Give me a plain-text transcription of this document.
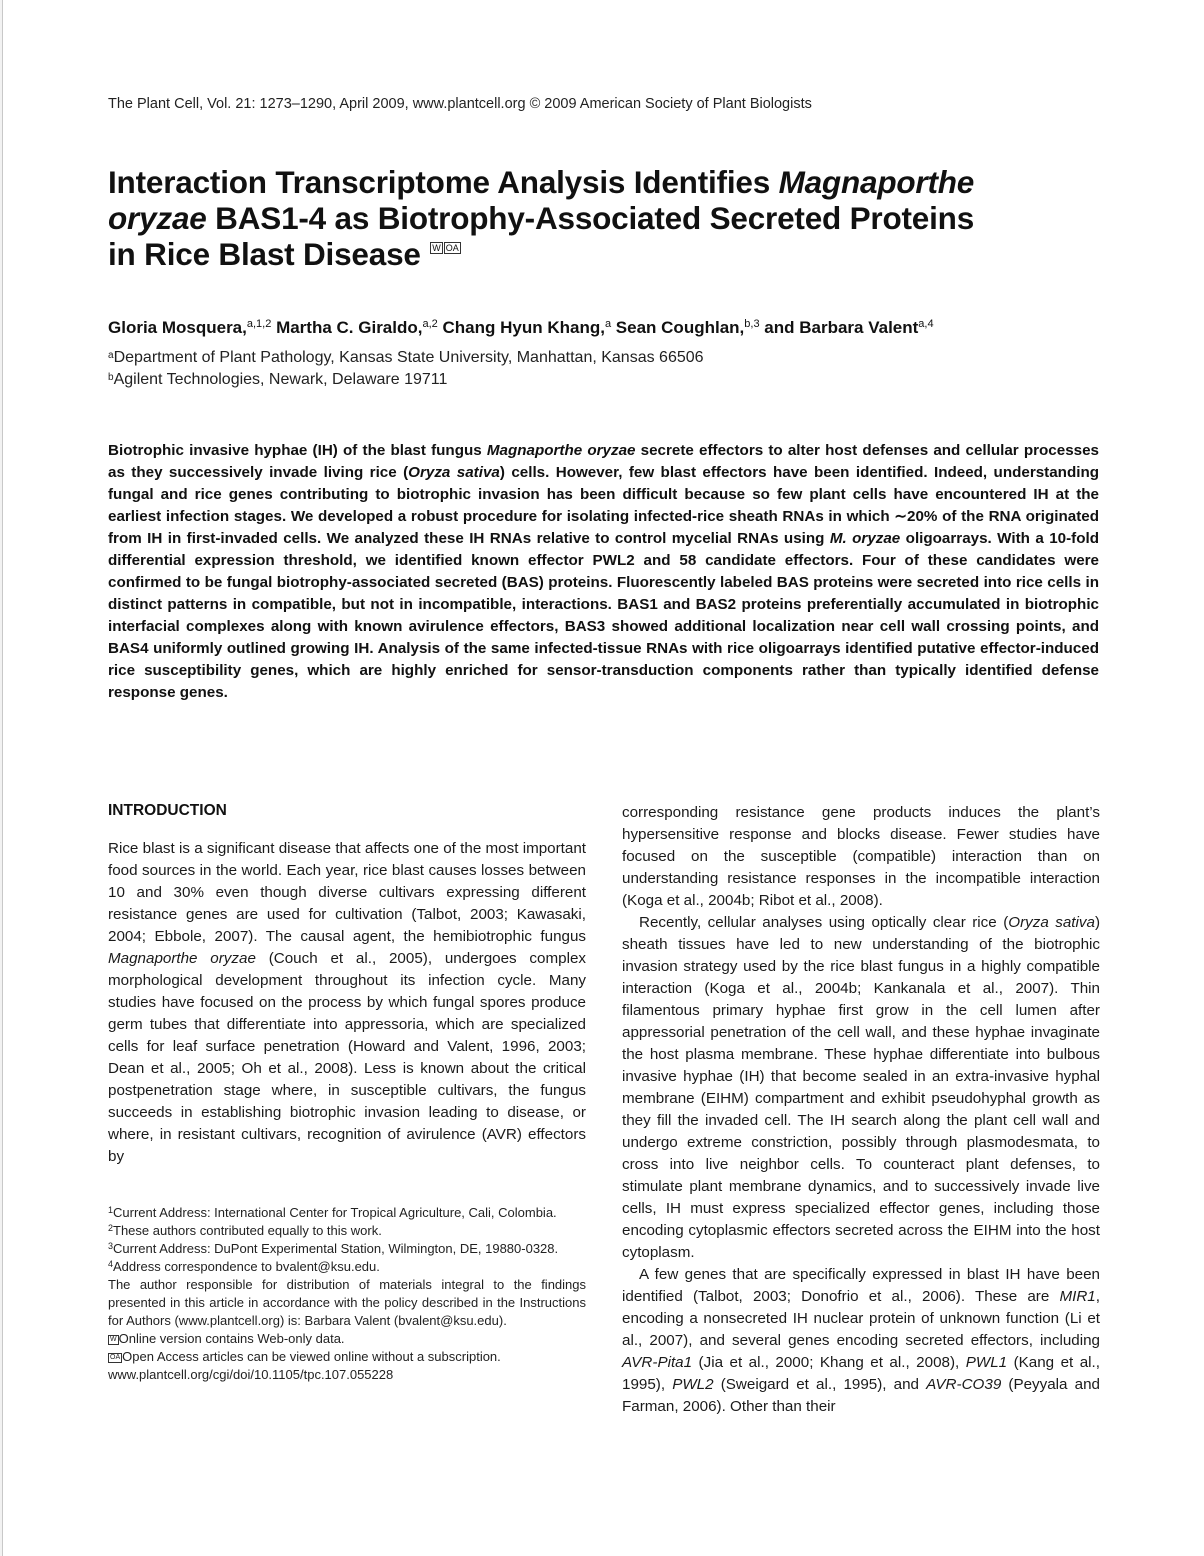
The Plant Cell, Vol. 21: 1273–1290, April 2009, www.plantcell.org © 2009 American Society of Plant Biologists
Interaction Transcriptome Analysis Identifies Magnaporthe
oryzae BAS1-4 as Biotrophy-Associated Secreted Proteins
in Rice Blast Disease W OA
Gloria Mosquera,$^{a,1,2}$ Martha C. Giraldo,$^{a,2}$ Chang Hyun Khang,$^a$ Sean Coughlan,$^{b,3}$ and Barbara Valent$^{a,4}$
$^a$Department of Plant Pathology, Kansas State University, Manhattan, Kansas 66506
$^b$Agilent Technologies, Newark, Delaware 19711
Biotrophic invasive hyphae (IH) of the blast fungus Magnaporthe oryzae secrete effectors to alter host defenses and cellular processes as they successively invade living rice (Oryza sativa) cells. However, few blast effectors have been identified. Indeed, understanding fungal and rice genes contributing to biotrophic invasion has been difficult because so few plant cells have encountered IH at the earliest infection stages. We developed a robust procedure for isolating infected-rice sheath RNAs in which ∼20% of the RNA originated from IH in first-invaded cells. We analyzed these IH RNAs relative to control mycelial RNAs using M. oryzae oligoarrays. With a 10-fold differential expression threshold, we identified known effector PWL2 and 58 candidate effectors. Four of these candidates were confirmed to be fungal biotrophy-associated secreted (BAS) proteins. Fluorescently labeled BAS proteins were secreted into rice cells in distinct patterns in compatible, but not in incompatible, interactions. BAS1 and BAS2 proteins preferentially accumulated in biotrophic interfacial complexes along with known avirulence effectors, BAS3 showed additional localization near cell wall crossing points, and BAS4 uniformly outlined growing IH. Analysis of the same infected-tissue RNAs with rice oligoarrays identified putative effector-induced rice susceptibility genes, which are highly enriched for sensor-transduction components rather than typically identified defense response genes.
INTRODUCTION

Rice blast is a significant disease that affects one of the most important food sources in the world. Each year, rice blast causes losses between 10 and 30% even though diverse cultivars expressing different resistance genes are used for cultivation (Talbot, 2003; Kawasaki, 2004; Ebbole, 2007). The causal agent, the hemibiotrophic fungus Magnaporthe oryzae (Couch et al., 2005), undergoes complex morphological development throughout its infection cycle. Many studies have focused on the process by which fungal spores produce germ tubes that differentiate into appressoria, which are specialized cells for leaf surface penetration (Howard and Valent, 1996, 2003; Dean et al., 2005; Oh et al., 2008). Less is known about the critical postpenetration stage where, in susceptible cultivars, the fungus succeeds in establishing biotrophic invasion leading to disease, or where, in resistant cultivars, recognition of avirulence (AVR) effectors by

$^1$Current Address: International Center for Tropical Agriculture, Cali, Colombia.
$^2$These authors contributed equally to this work.
$^3$Current Address: DuPont Experimental Station, Wilmington, DE, 19880-0328.
$^4$Address correspondence to bvalent@ksu.edu.
The author responsible for distribution of materials integral to the findings presented in this article in accordance with the policy described in the Instructions for Authors (www.plantcell.org) is: Barbara Valent (bvalent@ksu.edu).
W Online version contains Web-only data.
OA Open Access articles can be viewed online without a subscription.
www.plantcell.org/cgi/doi/10.1105/tpc.107.055228

corresponding resistance gene products induces the plant’s hypersensitive response and blocks disease. Fewer studies have focused on the susceptible (compatible) interaction than on understanding resistance responses in the incompatible interaction (Koga et al., 2004b; Ribot et al., 2008).

Recently, cellular analyses using optically clear rice (Oryza sativa) sheath tissues have led to new understanding of the biotrophic invasion strategy used by the rice blast fungus in a highly compatible interaction (Koga et al., 2004b; Kankanala et al., 2007). Thin filamentous primary hyphae first grow in the cell lumen after appressorial penetration of the cell wall, and these hyphae invaginate the host plasma membrane. These hyphae differentiate into bulbous invasive hyphae (IH) that become sealed in an extra-invasive hyphal membrane (EIHM) compartment and exhibit pseudohyphal growth as they fill the invaded cell. The IH search along the plant cell wall and undergo extreme constriction, possibly through plasmodesmata, to cross into live neighbor cells. To counteract plant defenses, to stimulate plant membrane dynamics, and to successively invade live cells, IH must express specialized effector genes, including those encoding cytoplasmic effectors secreted across the EIHM into the host cytoplasm.

A few genes that are specifically expressed in blast IH have been identified (Talbot, 2003; Donofrio et al., 2006). These are MIR1, encoding a nonsecreted IH nuclear protein of unknown function (Li et al., 2007), and several genes encoding secreted effectors, including AVR-Pita1 (Jia et al., 2000; Khang et al., 2008), PWL1 (Kang et al., 1995), PWL2 (Sweigard et al., 1995), and AVR-CO39 (Peyyala and Farman, 2006). Other than their
